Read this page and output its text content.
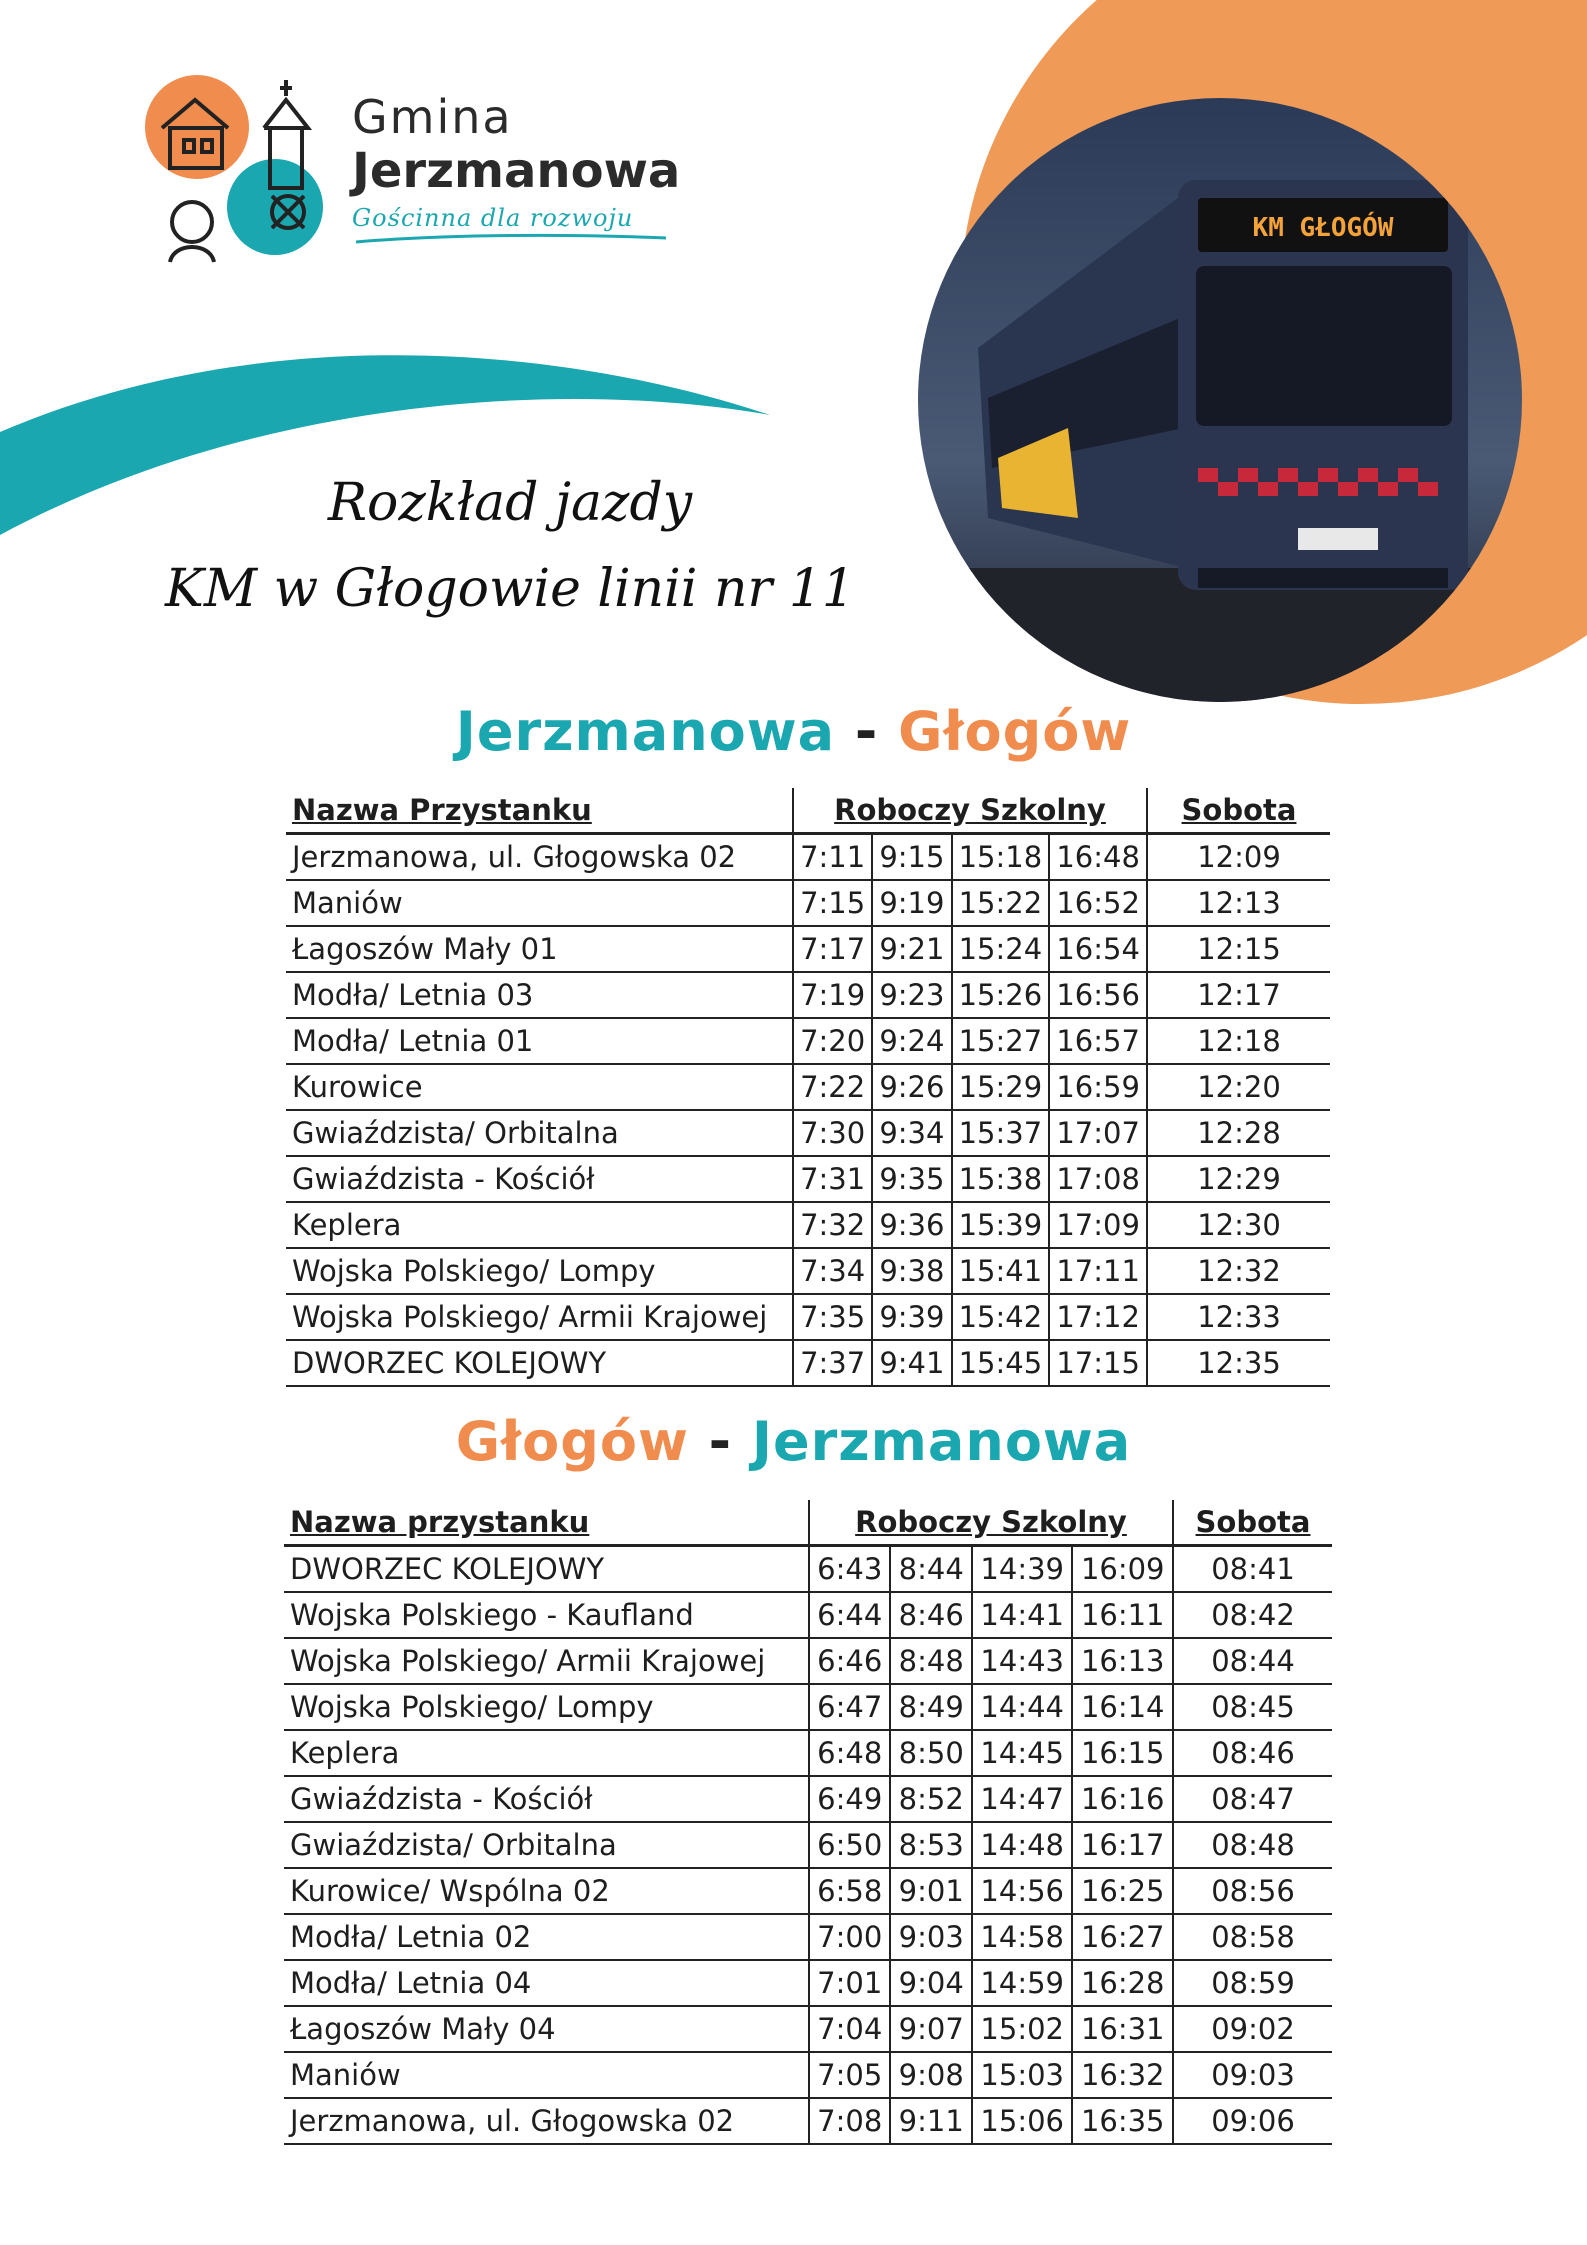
Gmina
Jerzmanowa
Gościnna dla rozwoju
Rozkład jazdy
KM w Głogowie linii nr 11
KM GŁOGÓW
Jerzmanowa - Głogów
Nazwa Przystanku	Roboczy Szkolny				Sobota
Jerzmanowa, ul. Głogowska 02	7:11	9:15	15:18	16:48	12:09
Maniów	7:15	9:19	15:22	16:52	12:13
Łagoszów Mały 01	7:17	9:21	15:24	16:54	12:15
Modła/ Letnia 03	7:19	9:23	15:26	16:56	12:17
Modła/ Letnia 01	7:20	9:24	15:27	16:57	12:18
Kurowice	7:22	9:26	15:29	16:59	12:20
Gwiaździsta/ Orbitalna	7:30	9:34	15:37	17:07	12:28
Gwiaździsta - Kościół	7:31	9:35	15:38	17:08	12:29
Keplera	7:32	9:36	15:39	17:09	12:30
Wojska Polskiego/ Lompy	7:34	9:38	15:41	17:11	12:32
Wojska Polskiego/ Armii Krajowej	7:35	9:39	15:42	17:12	12:33
DWORZEC KOLEJOWY	7:37	9:41	15:45	17:15	12:35
Głogów - Jerzmanowa
Nazwa przystanku	Roboczy Szkolny				Sobota
DWORZEC KOLEJOWY	6:43	8:44	14:39	16:09	08:41
Wojska Polskiego - Kaufland	6:44	8:46	14:41	16:11	08:42
Wojska Polskiego/ Armii Krajowej	6:46	8:48	14:43	16:13	08:44
Wojska Polskiego/ Lompy	6:47	8:49	14:44	16:14	08:45
Keplera	6:48	8:50	14:45	16:15	08:46
Gwiaździsta - Kościół	6:49	8:52	14:47	16:16	08:47
Gwiaździsta/ Orbitalna	6:50	8:53	14:48	16:17	08:48
Kurowice/ Wspólna 02	6:58	9:01	14:56	16:25	08:56
Modła/ Letnia 02	7:00	9:03	14:58	16:27	08:58
Modła/ Letnia 04	7:01	9:04	14:59	16:28	08:59
Łagoszów Mały 04	7:04	9:07	15:02	16:31	09:02
Maniów	7:05	9:08	15:03	16:32	09:03
Jerzmanowa, ul. Głogowska 02	7:08	9:11	15:06	16:35	09:06
